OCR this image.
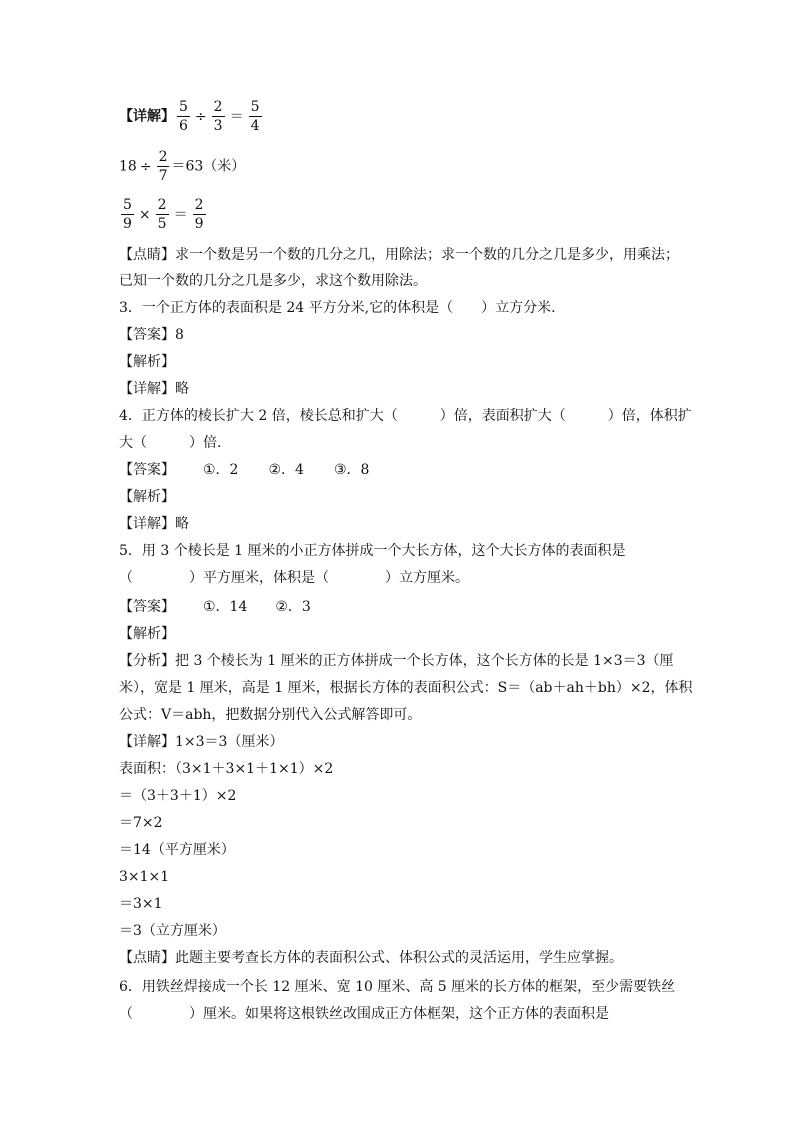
【详解】 $\frac{5}{6} \div \frac{2}{3} = \frac{5}{4}$
$18 \div \frac{2}{7} =63$（米）
$\frac{5}{9} \times \frac{2}{5} = \frac{2}{9}$
【点睛】求一个数是另一个数的几分之几，用除法；求一个数的几分之几是多少，用乘法；
已知一个数的几分之几是多少，求这个数用除法。
3．一个正方体的表面积是 24 平方分米,它的体积是（　　）立方分米．
【答案】8
【解析】
【详解】略
4．正方体的棱长扩大 2 倍，棱长总和扩大（　　　）倍，表面积扩大（　　　）倍，体积扩
大（　　　）倍．
【答案】 ①．2 ②．4 ③．8
【解析】
【详解】略
5．用 3 个棱长是 1 厘米的小正方体拼成一个大长方体，这个大长方体的表面积是
（　　　　）平方厘米，体积是（　　　　）立方厘米。
【答案】 ①．14 ②．3
【解析】
【分析】把 3 个棱长为 1 厘米的正方体拼成一个长方体，这个长方体的长是 1×3＝3（厘
米），宽是 1 厘米，高是 1 厘米，根据长方体的表面积公式：S＝（ab＋ah＋bh）×2，体积
公式：V＝abh，把数据分别代入公式解答即可。
【详解】1×3＝3（厘米）
表面积：（3×1＋3×1＋1×1）×2
＝（3＋3＋1）×2
＝7×2
＝14（平方厘米）
3×1×1
＝3×1
＝3（立方厘米）
【点睛】此题主要考查长方体的表面积公式、体积公式的灵活运用，学生应掌握。
6．用铁丝焊接成一个长 12 厘米、宽 10 厘米、高 5 厘米的长方体的框架，至少需要铁丝
（　　　　）厘米。如果将这根铁丝改围成正方体框架，这个正方体的表面积是
